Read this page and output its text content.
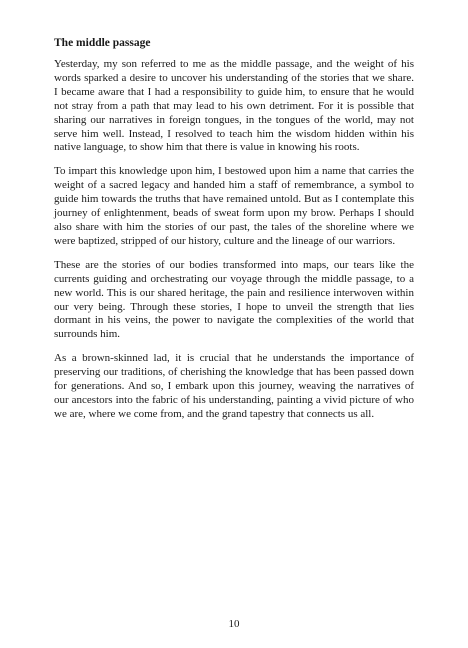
The middle passage

Yesterday, my son referred to me as the middle passage, and the weight of his words sparked a desire to uncover his understanding of the stories that we share. I became aware that I had a responsibility to guide him, to ensure that he would not stray from a path that may lead to his own detriment. For it is possible that sharing our narratives in foreign tongues, in the tongues of the world, may not serve him well. Instead, I resolved to teach him the wisdom hidden within his native language, to show him that there is value in knowing his roots.

To impart this knowledge upon him, I bestowed upon him a name that carries the weight of a sacred legacy and handed him a staff of remembrance, a symbol to guide him towards the truths that have remained untold. But as I contemplate this journey of enlightenment, beads of sweat form upon my brow. Perhaps I should also share with him the stories of our past, the tales of the shoreline where we were baptized, stripped of our history, culture and the lineage of our warriors.

These are the stories of our bodies transformed into maps, our tears like the currents guiding and orchestrating our voyage through the middle passage, to a new world. This is our shared heritage, the pain and resilience interwoven within our very being. Through these stories, I hope to unveil the strength that lies dormant in his veins, the power to navigate the complexities of the world that surrounds him.

As a brown-skinned lad, it is crucial that he understands the importance of preserving our traditions, of cherishing the knowledge that has been passed down for generations. And so, I embark upon this journey, weaving the narratives of our ancestors into the fabric of his understanding, painting a vivid picture of who we are, where we come from, and the grand tapestry that connects us all.

10
